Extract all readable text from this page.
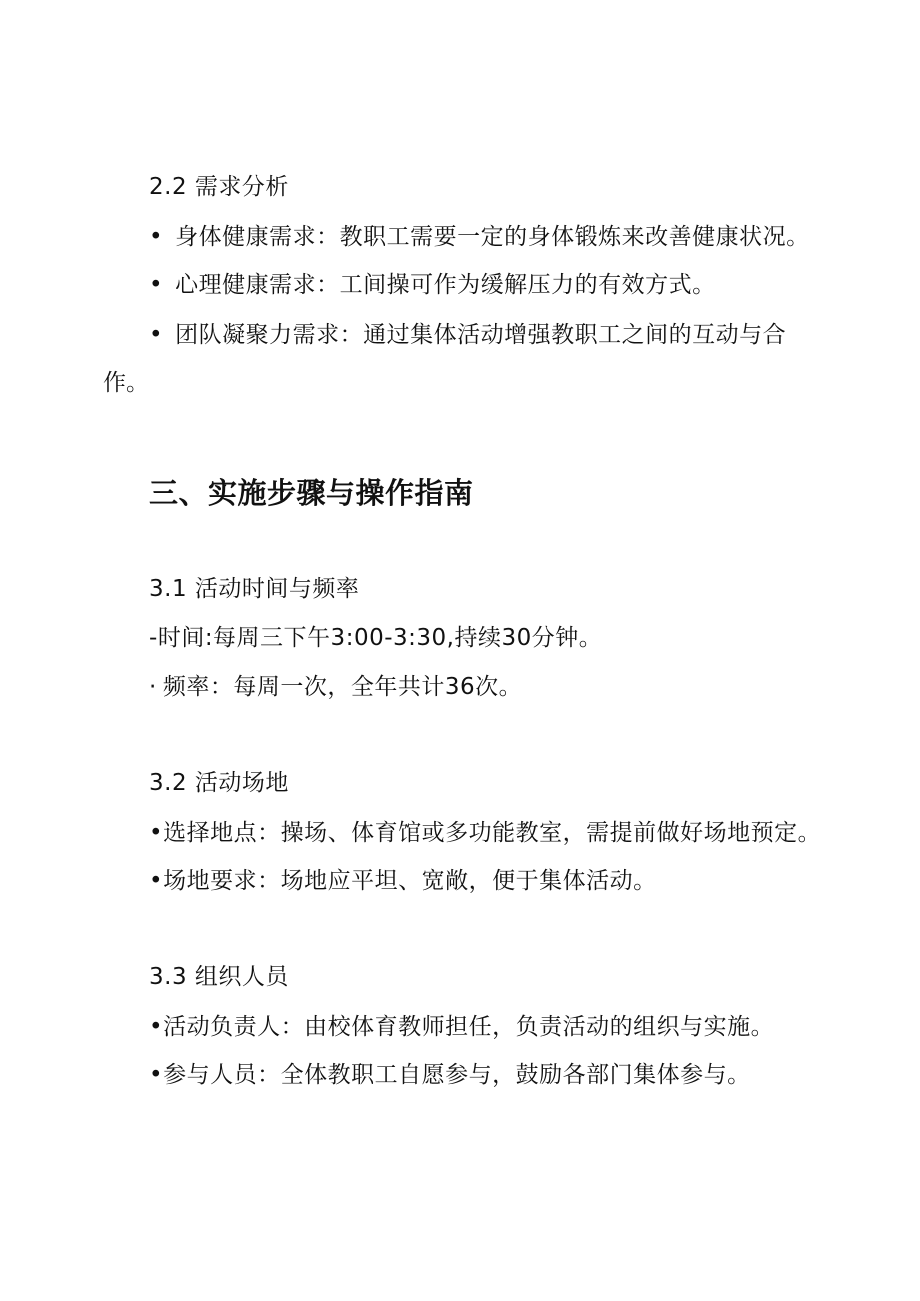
2.2 需求分析
• 身体健康需求：教职工需要一定的身体锻炼来改善健康状况。
• 心理健康需求：工间操可作为缓解压力的有效方式。
• 团队凝聚力需求：通过集体活动增强教职工之间的互动与合
作。
三、实施步骤与操作指南
3.1 活动时间与频率
-时间:每周三下午3:00-3:30,持续30分钟。
· 频率：每周一次，全年共计36次。
3.2 活动场地
•选择地点：操场、体育馆或多功能教室，需提前做好场地预定。
•场地要求：场地应平坦、宽敞，便于集体活动。
3.3 组织人员
•活动负责人：由校体育教师担任，负责活动的组织与实施。
•参与人员：全体教职工自愿参与，鼓励各部门集体参与。
